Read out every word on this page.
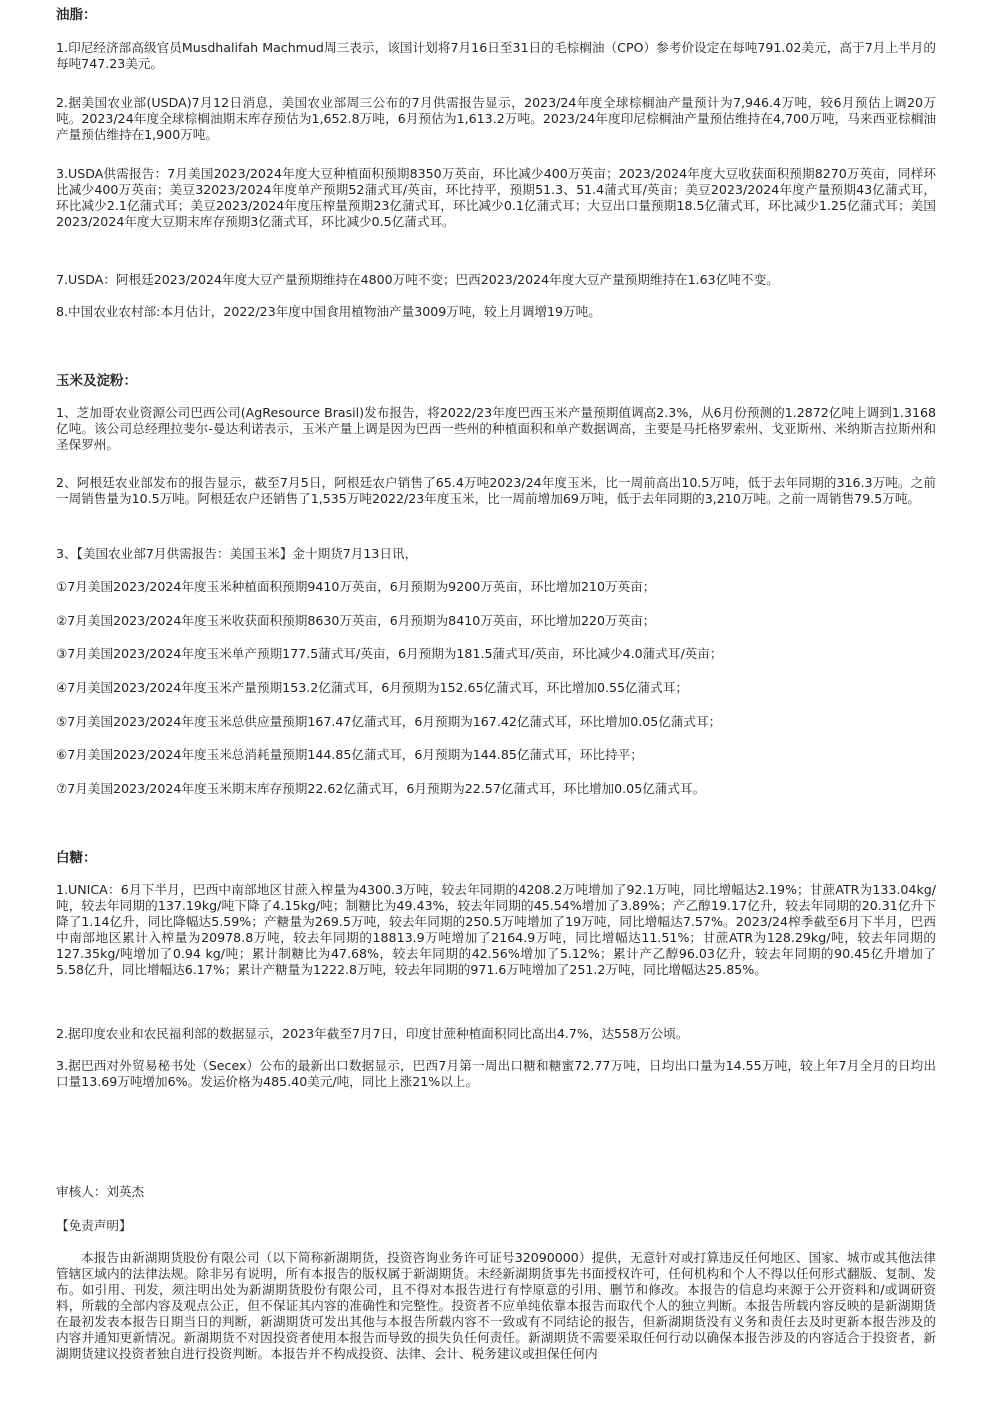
油脂：
1.印尼经济部高级官员Musdhalifah Machmud周三表示，该国计划将7月16日至31日的毛棕榈油（CPO）参考价设定在每吨791.02美元，高于7月上半月的每吨747.23美元。
2.据美国农业部(USDA)7月12日消息，美国农业部周三公布的7月供需报告显示，2023/24年度全球棕榈油产量预计为7,946.4万吨，较6月预估上调20万吨。2023/24年度全球棕榈油期末库存预估为1,652.8万吨，6月预估为1,613.2万吨。2023/24年度印尼棕榈油产量预估维持在4,700万吨，马来西亚棕榈油产量预估维持在1,900万吨。
3.USDA供需报告：7月美国2023/2024年度大豆种植面积预期8350万英亩，环比减少400万英亩；2023/2024年度大豆收获面积预期8270万英亩，同样环比减少400万英亩；美豆32023/2024年度单产预期52蒲式耳/英亩，环比持平，预期51.3、51.4蒲式耳/英亩；美豆2023/2024年度产量预期43亿蒲式耳，环比减少2.1亿蒲式耳；美豆2023/2024年度压榨量预期23亿蒲式耳，环比减少0.1亿蒲式耳；大豆出口量预期18.5亿蒲式耳，环比减少1.25亿蒲式耳；美国2023/2024年度大豆期末库存预期3亿蒲式耳，环比减少0.5亿蒲式耳。
7.USDA：阿根廷2023/2024年度大豆产量预期维持在4800万吨不变；巴西2023/2024年度大豆产量预期维持在1.63亿吨不变。
8.中国农业农村部:本月估计，2022/23年度中国食用植物油产量3009万吨，较上月调增19万吨。
玉米及淀粉：
1、芝加哥农业资源公司巴西公司(AgResource Brasil)发布报告，将2022/23年度巴西玉米产量预期值调高2.3%，从6月份预测的1.2872亿吨上调到1.3168亿吨。该公司总经理拉斐尔-曼达利诺表示，玉米产量上调是因为巴西一些州的种植面积和单产数据调高，主要是马托格罗索州、戈亚斯州、米纳斯吉拉斯州和圣保罗州。
2、阿根廷农业部发布的报告显示，截至7月5日，阿根廷农户销售了65.4万吨2023/24年度玉米，比一周前高出10.5万吨，低于去年同期的316.3万吨。之前一周销售量为10.5万吨。阿根廷农户还销售了1,535万吨2022/23年度玉米，比一周前增加69万吨，低于去年同期的3,210万吨。之前一周销售79.5万吨。
3、【美国农业部7月供需报告：美国玉米】金十期货7月13日讯，
①7月美国2023/2024年度玉米种植面积预期9410万英亩，6月预期为9200万英亩，环比增加210万英亩；
②7月美国2023/2024年度玉米收获面积预期8630万英亩，6月预期为8410万英亩，环比增加220万英亩；
③7月美国2023/2024年度玉米单产预期177.5蒲式耳/英亩，6月预期为181.5蒲式耳/英亩，环比减少4.0蒲式耳/英亩；
④7月美国2023/2024年度玉米产量预期153.2亿蒲式耳，6月预期为152.65亿蒲式耳，环比增加0.55亿蒲式耳；
⑤7月美国2023/2024年度玉米总供应量预期167.47亿蒲式耳，6月预期为167.42亿蒲式耳，环比增加0.05亿蒲式耳；
⑥7月美国2023/2024年度玉米总消耗量预期144.85亿蒲式耳，6月预期为144.85亿蒲式耳，环比持平；
⑦7月美国2023/2024年度玉米期末库存预期22.62亿蒲式耳，6月预期为22.57亿蒲式耳，环比增加0.05亿蒲式耳。
白糖：
1.UNICA：6月下半月，巴西中南部地区甘蔗入榨量为4300.3万吨，较去年同期的4208.2万吨增加了92.1万吨，同比增幅达2.19%；甘蔗ATR为133.04kg/吨，较去年同期的137.19kg/吨下降了4.15kg/吨；制糖比为49.43%，较去年同期的45.54%增加了3.89%；产乙醇19.17亿升，较去年同期的20.31亿升下降了1.14亿升，同比降幅达5.59%；产糖量为269.5万吨，较去年同期的250.5万吨增加了19万吨，同比增幅达7.57%。2023/24榨季截至6月下半月，巴西中南部地区累计入榨量为20978.8万吨，较去年同期的18813.9万吨增加了2164.9万吨，同比增幅达11.51%；甘蔗ATR为128.29kg/吨，较去年同期的127.35kg/吨增加了0.94 kg/吨；累计制糖比为47.68%，较去年同期的42.56%增加了5.12%；累计产乙醇96.03亿升，较去年同期的90.45亿升增加了5.58亿升，同比增幅达6.17%；累计产糖量为1222.8万吨，较去年同期的971.6万吨增加了251.2万吨，同比增幅达25.85%。
2.据印度农业和农民福利部的数据显示，2023年截至7月7日，印度甘蔗种植面积同比高出4.7%，达558万公顷。
3.据巴西对外贸易秘书处（Secex）公布的最新出口数据显示，巴西7月第一周出口糖和糖蜜72.77万吨，日均出口量为14.55万吨，较上年7月全月的日均出口量13.69万吨增加6%。发运价格为485.40美元/吨，同比上涨21%以上。
审核人：刘英杰
【免责声明】
本报告由新湖期货股份有限公司（以下简称新湖期货，投资咨询业务许可证号32090000）提供，无意针对或打算违反任何地区、国家、城市或其他法律管辖区域内的法律法规。除非另有说明，所有本报告的版权属于新湖期货。未经新湖期货事先书面授权许可，任何机构和个人不得以任何形式翻版、复制、发布。如引用、刊发，须注明出处为新湖期货股份有限公司，且不得对本报告进行有悖原意的引用、删节和修改。本报告的信息均来源于公开资料和/或调研资料，所载的全部内容及观点公正，但不保证其内容的准确性和完整性。投资者不应单纯依靠本报告而取代个人的独立判断。本报告所载内容反映的是新湖期货在最初发表本报告日期当日的判断，新湖期货可发出其他与本报告所载内容不一致或有不同结论的报告，但新湖期货没有义务和责任去及时更新本报告涉及的内容并通知更新情况。新湖期货不对因投资者使用本报告而导致的损失负任何责任。新湖期货不需要采取任何行动以确保本报告涉及的内容适合于投资者，新湖期货建议投资者独自进行投资判断。本报告并不构成投资、法律、会计、税务建议或担保任何内
